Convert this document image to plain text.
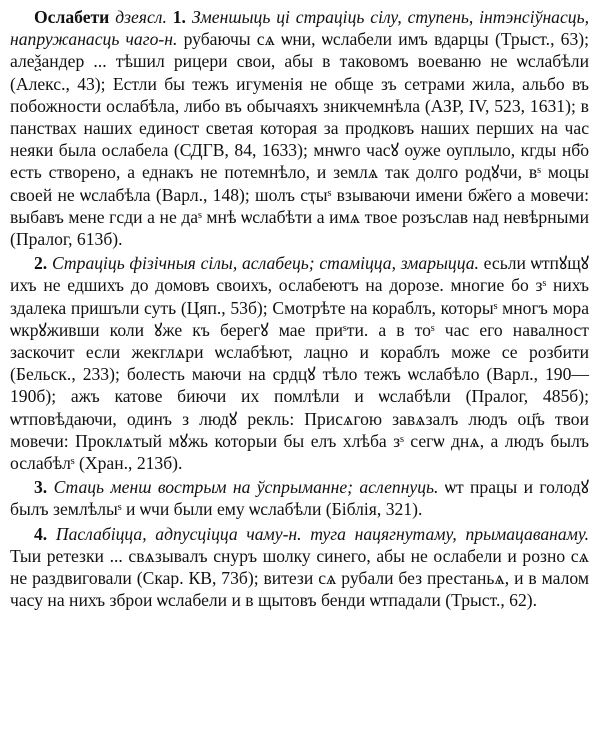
Ослабети дзеясл. 1. Зменшыць ці страціць сілу, ступень, інтэнсіўнасць, напружанасць чаго-н. рубаючы сѧ ѡни, ѡслабели имъ вдарцы (Трыст., 63); алеѯандер ... тѣшил рицери свои, абы в таковомъ воеваню не ѡслабѣли (Алекс., 43); Естли бы тежъ игуменія не обще зъ сетрами жила, альбо въ побожности ослабѣла, либо въ обычаяхъ зникчемнѣла (АЗР, IV, 523, 1631); в панствах наших единост светая которая за продковъ наших перших на час неяки была ослабела (СДГВ, 84, 1633); мнѡго часꙋ оуже оуплыло, кгды нб҃о есть створено, а еднакъ не потемнѣло, и землѧ так долго родꙋчи, вˢ моцы своей не ѡслабѣла (Варл., 148); шолъ сҭыˢ взываючи имени бж҃его а мовечи: выбавъ мене гсди а не даˢ мнѣ ѡслабѣти а имѧ твое розъслав над невѣрными (Пралог, 613б).

2. Страціць фізічныя сілы, аслабець; стаміцца, змарыцца. есьли ѡтпꙋщꙋ ихъ не едшихъ до домовъ своихъ, ослабеютъ на дорозе. многие бо зˢ нихъ здалека пришъли суть (Цяп., 53б); Смотрѣте на кораблъ, которыˢ многъ мора ѡкрꙋживши коли ꙋже къ берегꙋ мае приˢти. а в тоˢ час его навалност заскочит если жекглѧри ѡслабѣют, лацно и кораблъ може се розбити (Бельск., 233); болесть маючи на срдцꙋ тѣло тежъ ѡслабѣло (Варл., 190—190б); ажъ катове биючи их помлѣли и ѡслабѣли (Пралог, 485б); ѡтповѣдаючи, одинъ з людꙋ рекль: Присѧгою завѧзалъ людъ оц҃ъ твои мовечи: Проклѧтый мꙋжь которыи бы елъ хлѣба зˢ сегѡ днѧ, а людъ былъ ослабѣлˢ (Хран., 213б).

3. Стаць менш вострым на ўспрыманне; аслепнуць. ѡт працы и голодꙋ былъ землѣлыˢ и ѡчи были ему ѡслабѣли (Біблія, 321).

4. Паслабіцца, адпусціцца чаму-н. туга нацягнутаму, прымацаванаму. Тыи ретезки ... свѧзывалъ снуръ шолку синего, абы не ослабели и розно сѧ не раздвиговали (Скар. КВ, 73б); витези сѧ рубали без престаньѧ, и в малом часу на нихъ зброи ѡслабели и в щытовъ бенди ѡтпадали (Трыст., 62).
